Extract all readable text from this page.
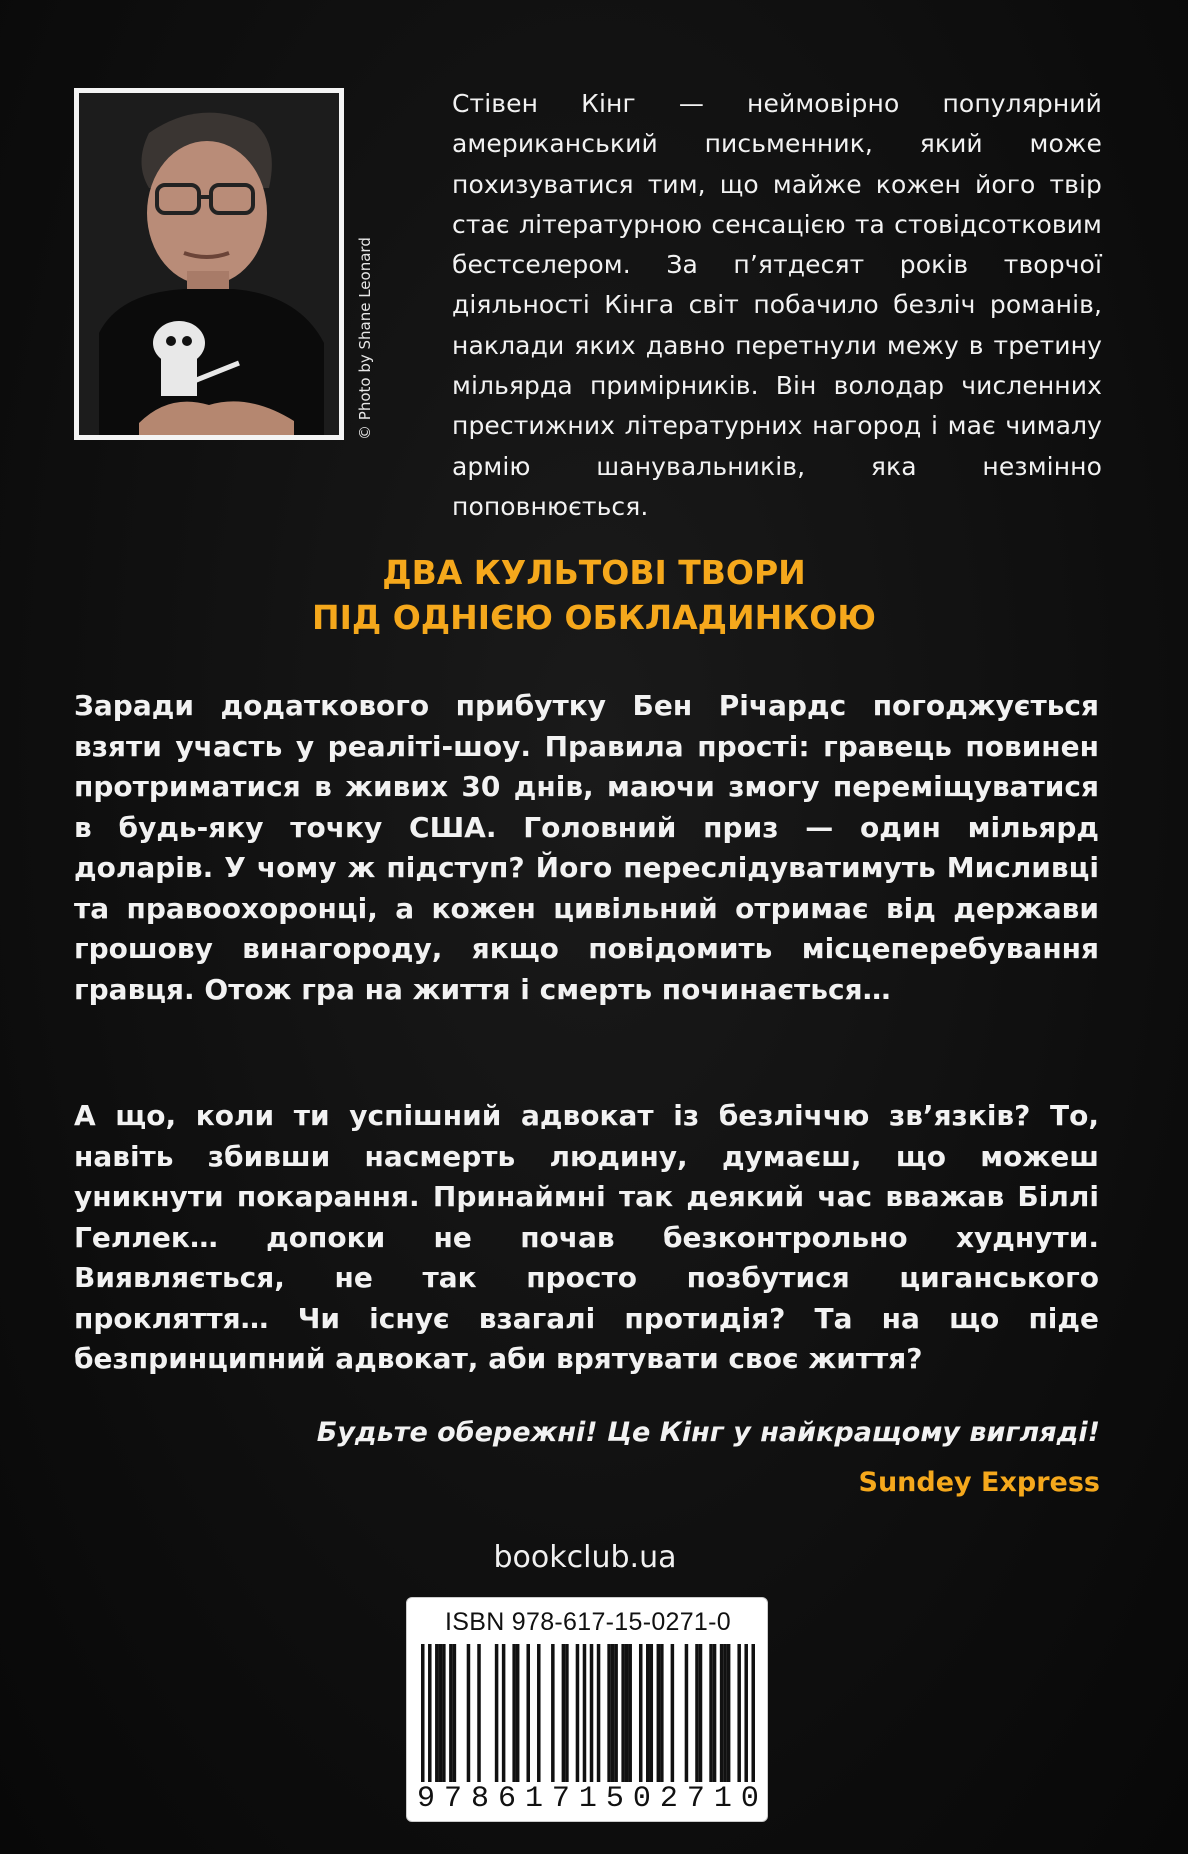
© Photo by Shane Leonard
Стівен Кінг — неймовірно популярний американський письменник, який може похизуватися тим, що майже кожен його твір стає літературною сенсацією та стовідсотковим бестселером. За п’ятдесят років творчої діяльності Кінга світ побачило безліч романів, наклади яких давно перетнули межу в третину мільярда примірників. Він володар численних престижних літературних нагород і має чималу армію шанувальників, яка незмінно поповнюється.
ДВА КУЛЬТОВІ ТВОРИ
ПІД ОДНІЄЮ ОБКЛАДИНКОЮ
Заради додаткового прибутку Бен Річардс погоджується взяти участь у реаліті-шоу. Правила прості: гравець повинен протриматися в живих 30 днів, маючи змогу переміщуватися в будь-яку точку США. Головний приз — один мільярд доларів. У чому ж підступ? Його переслідуватимуть Мисливці та правоохоронці, а кожен цивільний отримає від держави грошову винагороду, якщо повідомить місцеперебування гравця. Отож гра на життя і смерть починається…
А що, коли ти успішний адвокат із безліччю зв’язків? То, навіть збивши насмерть людину, думаєш, що можеш уникнути покарання. Принаймні так деякий час вважав Біллі Геллек… допоки не почав безконтрольно худнути. Виявляється, не так просто позбутися циганського прокляття… Чи існує взагалі протидія? Та на що піде безпринципний адвокат, аби врятувати своє життя?
Будьте обережні! Це Кінг у найкращому вигляді!
Sundey Express
bookclub.ua
ISBN 978-617-15-0271-0
9 7 8 6 1 7 1 5 0 2 7 1 0
